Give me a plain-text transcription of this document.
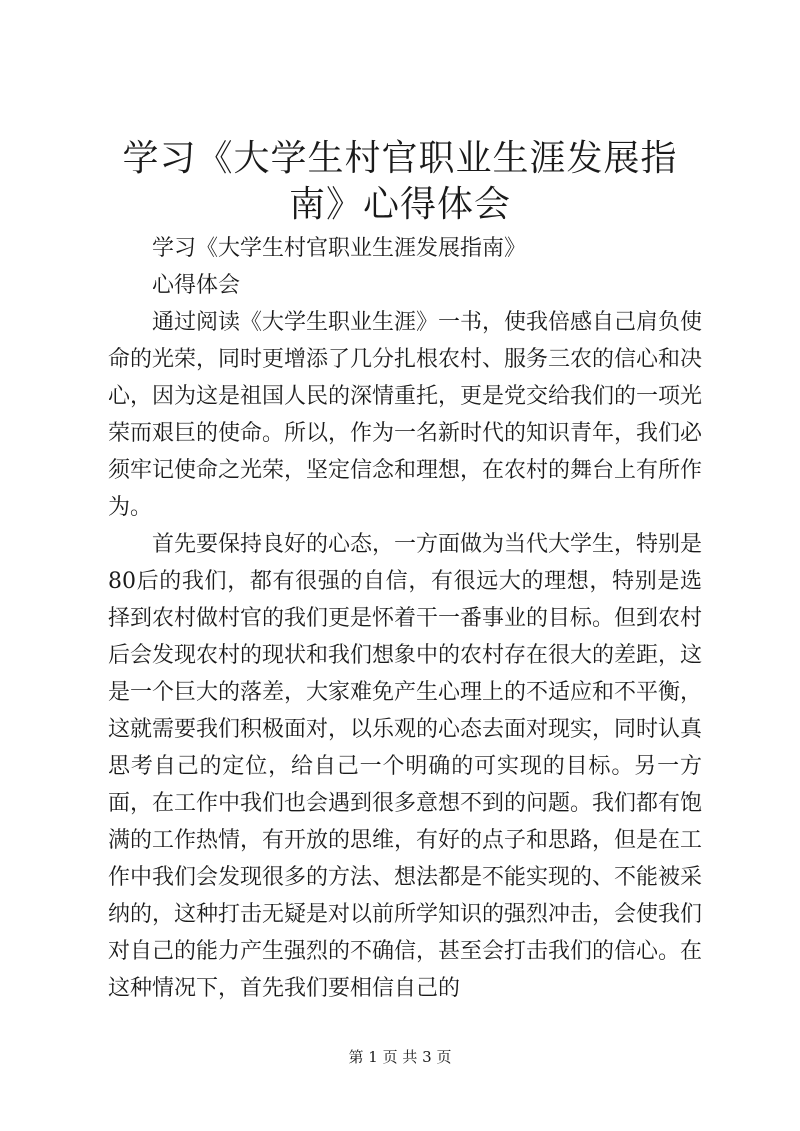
学习《大学生村官职业生涯发展指南》心得体会

学习《大学生村官职业生涯发展指南》

心得体会

通过阅读《大学生职业生涯》一书，使我倍感自己肩负使命的光荣，同时更增添了几分扎根农村、服务三农的信心和决心，因为这是祖国人民的深情重托，更是党交给我们的一项光荣而艰巨的使命。所以，作为一名新时代的知识青年，我们必须牢记使命之光荣，坚定信念和理想，在农村的舞台上有所作为。

首先要保持良好的心态，一方面做为当代大学生，特别是80后的我们，都有很强的自信，有很远大的理想，特别是选择到农村做村官的我们更是怀着干一番事业的目标。但到农村后会发现农村的现状和我们想象中的农村存在很大的差距，这是一个巨大的落差，大家难免产生心理上的不适应和不平衡，这就需要我们积极面对，以乐观的心态去面对现实，同时认真思考自己的定位，给自己一个明确的可实现的目标。另一方面，在工作中我们也会遇到很多意想不到的问题。我们都有饱满的工作热情，有开放的思维，有好的点子和思路，但是在工作中我们会发现很多的方法、想法都是不能实现的、不能被采纳的，这种打击无疑是对以前所学知识的强烈冲击，会使我们对自己的能力产生强烈的不确信，甚至会打击我们的信心。在这种情况下，首先我们要相信自己的

第 1 页 共 3 页
